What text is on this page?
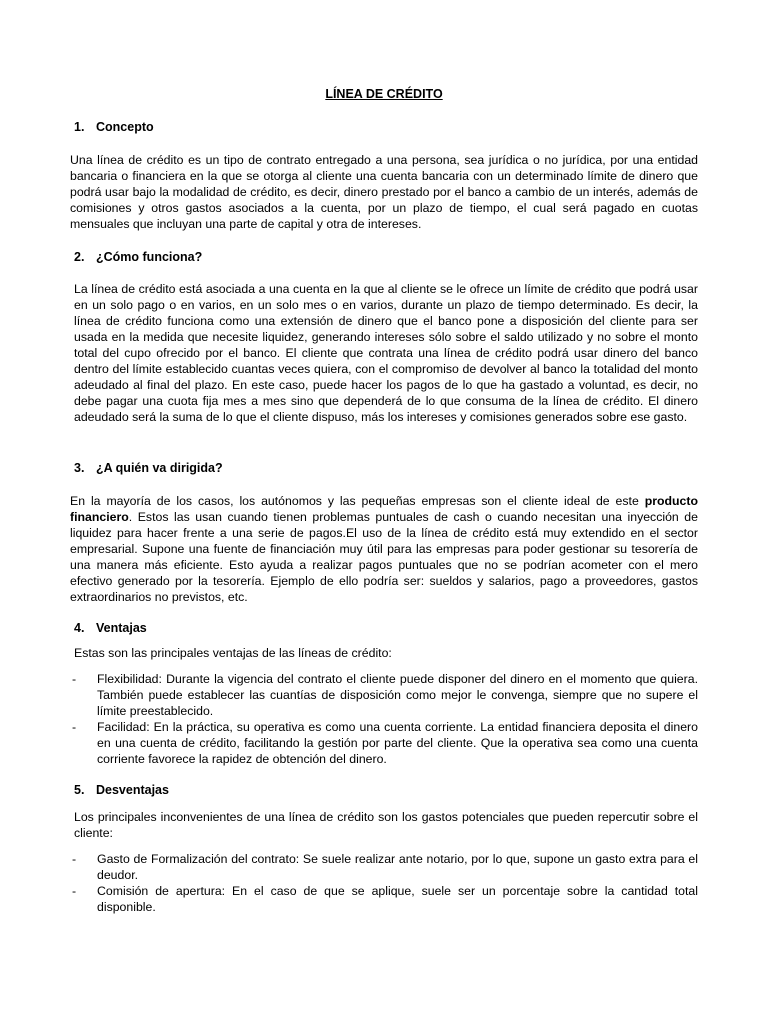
LÍNEA DE CRÉDITO
1. Concepto

Una línea de crédito es un tipo de contrato entregado a una persona, sea jurídica o no jurídica, por una entidad bancaria o financiera en la que se otorga al cliente una cuenta bancaria con un determinado límite de dinero que podrá usar bajo la modalidad de crédito, es decir, dinero prestado por el banco a cambio de un interés, además de comisiones y otros gastos asociados a la cuenta, por un plazo de tiempo, el cual será pagado en cuotas mensuales que incluyan una parte de capital y otra de intereses.

2. ¿Cómo funciona?

La línea de crédito está asociada a una cuenta en la que al cliente se le ofrece un límite de crédito que podrá usar en un solo pago o en varios, en un solo mes o en varios, durante un plazo de tiempo determinado. Es decir, la línea de crédito funciona como una extensión de dinero que el banco pone a disposición del cliente para ser usada en la medida que necesite liquidez, generando intereses sólo sobre el saldo utilizado y no sobre el monto total del cupo ofrecido por el banco. El cliente que contrata una línea de crédito podrá usar dinero del banco dentro del límite establecido cuantas veces quiera, con el compromiso de devolver al banco la totalidad del monto adeudado al final del plazo. En este caso, puede hacer los pagos de lo que ha gastado a voluntad, es decir, no debe pagar una cuota fija mes a mes sino que dependerá de lo que consuma de la línea de crédito. El dinero adeudado será la suma de lo que el cliente dispuso, más los intereses y comisiones generados sobre ese gasto.

3. ¿A quién va dirigida?

En la mayoría de los casos, los autónomos y las pequeñas empresas son el cliente ideal de este producto financiero. Estos las usan cuando tienen problemas puntuales de cash o cuando necesitan una inyección de liquidez para hacer frente a una serie de pagos.El uso de la línea de crédito está muy extendido en el sector empresarial. Supone una fuente de financiación muy útil para las empresas para poder gestionar su tesorería de una manera más eficiente. Esto ayuda a realizar pagos puntuales que no se podrían acometer con el mero efectivo generado por la tesorería. Ejemplo de ello podría ser: sueldos y salarios, pago a proveedores, gastos extraordinarios no previstos, etc.

4. Ventajas

Estas son las principales ventajas de las líneas de crédito:

- Flexibilidad: Durante la vigencia del contrato el cliente puede disponer del dinero en el momento que quiera. También puede establecer las cuantías de disposición como mejor le convenga, siempre que no supere el límite preestablecido.
- Facilidad: En la práctica, su operativa es como una cuenta corriente. La entidad financiera deposita el dinero en una cuenta de crédito, facilitando la gestión por parte del cliente. Que la operativa sea como una cuenta corriente favorece la rapidez de obtención del dinero.
5. Desventajas

Los principales inconvenientes de una línea de crédito son los gastos potenciales que pueden repercutir sobre el cliente:

- Gasto de Formalización del contrato: Se suele realizar ante notario, por lo que, supone un gasto extra para el deudor.
- Comisión de apertura: En el caso de que se aplique, suele ser un porcentaje sobre la cantidad total disponible.
